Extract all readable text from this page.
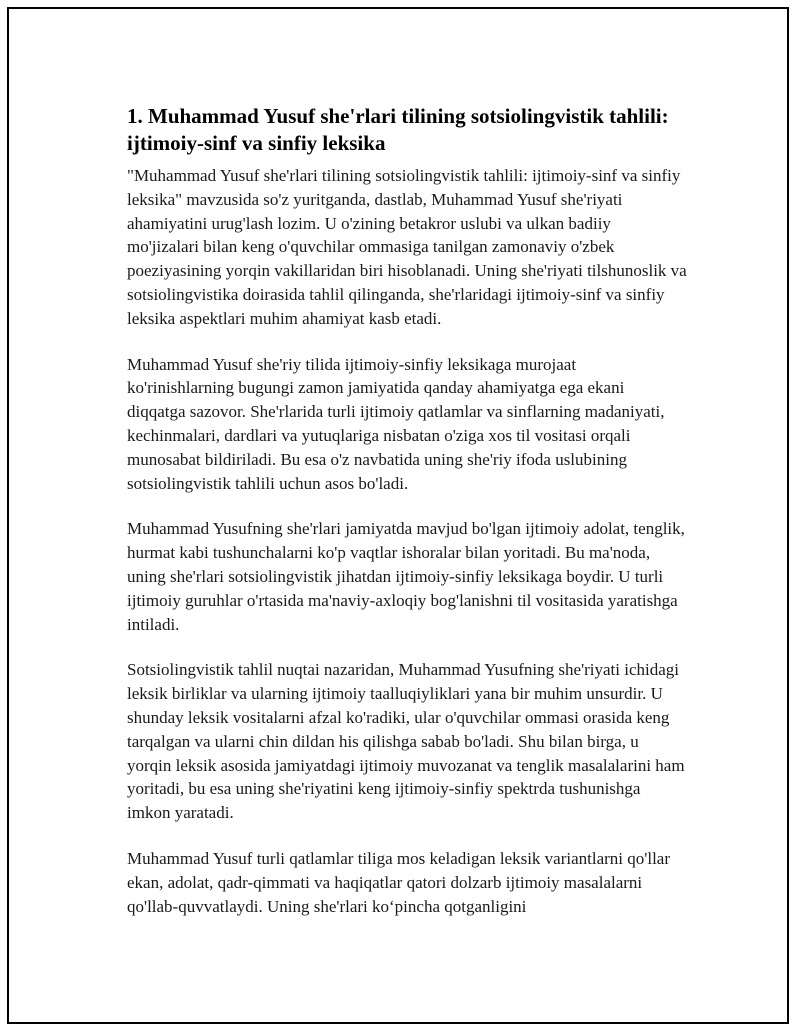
1. Muhammad Yusuf she'rlari tilining sotsiolingvistik tahlili: ijtimoiy-sinf va sinfiy leksika

"Muhammad Yusuf she'rlari tilining sotsiolingvistik tahlili: ijtimoiy-sinf va sinfiy leksika" mavzusida so'z yuritganda, dastlab, Muhammad Yusuf she'riyati ahamiyatini urug'lash lozim. U o'zining betakror uslubi va ulkan badiiy mo'jizalari bilan keng o'quvchilar ommasiga tanilgan zamonaviy o'zbek poeziyasining yorqin vakillaridan biri hisoblanadi. Uning she'riyati tilshunoslik va sotsiolingvistika doirasida tahlil qilinganda, she'rlaridagi ijtimoiy-sinf va sinfiy leksika aspektlari muhim ahamiyat kasb etadi.

Muhammad Yusuf she'riy tilida ijtimoiy-sinfiy leksikaga murojaat ko'rinishlarning bugungi zamon jamiyatida qanday ahamiyatga ega ekani diqqatga sazovor. She'rlarida turli ijtimoiy qatlamlar va sinflarning madaniyati, kechinmalari, dardlari va yutuqlariga nisbatan o'ziga xos til vositasi orqali munosabat bildiriladi. Bu esa o'z navbatida uning she'riy ifoda uslubining sotsiolingvistik tahlili uchun asos bo'ladi.

Muhammad Yusufning she'rlari jamiyatda mavjud bo'lgan ijtimoiy adolat, tenglik, hurmat kabi tushunchalarni ko'p vaqtlar ishoralar bilan yoritadi. Bu ma'noda, uning she'rlari sotsiolingvistik jihatdan ijtimoiy-sinfiy leksikaga boydir. U turli ijtimoiy guruhlar o'rtasida ma'naviy-axloqiy bog'lanishni til vositasida yaratishga intiladi.

Sotsiolingvistik tahlil nuqtai nazaridan, Muhammad Yusufning she'riyati ichidagi leksik birliklar va ularning ijtimoiy taalluqiyliklari yana bir muhim unsurdir. U shunday leksik vositalarni afzal ko'radiki, ular o'quvchilar ommasi orasida keng tarqalgan va ularni chin dildan his qilishga sabab bo'ladi. Shu bilan birga, u yorqin leksik asosida jamiyatdagi ijtimoiy muvozanat va tenglik masalalarini ham yoritadi, bu esa uning she'riyatini keng ijtimoiy-sinfiy spektrda tushunishga imkon yaratadi.

Muhammad Yusuf turli qatlamlar tiliga mos keladigan leksik variantlarni qo'llar ekan, adolat, qadr-qimmati va haqiqatlar qatori dolzarb ijtimoiy masalalarni qo'llab-quvvatlaydi. Uning she'rlari ko‘pincha qotganligini
